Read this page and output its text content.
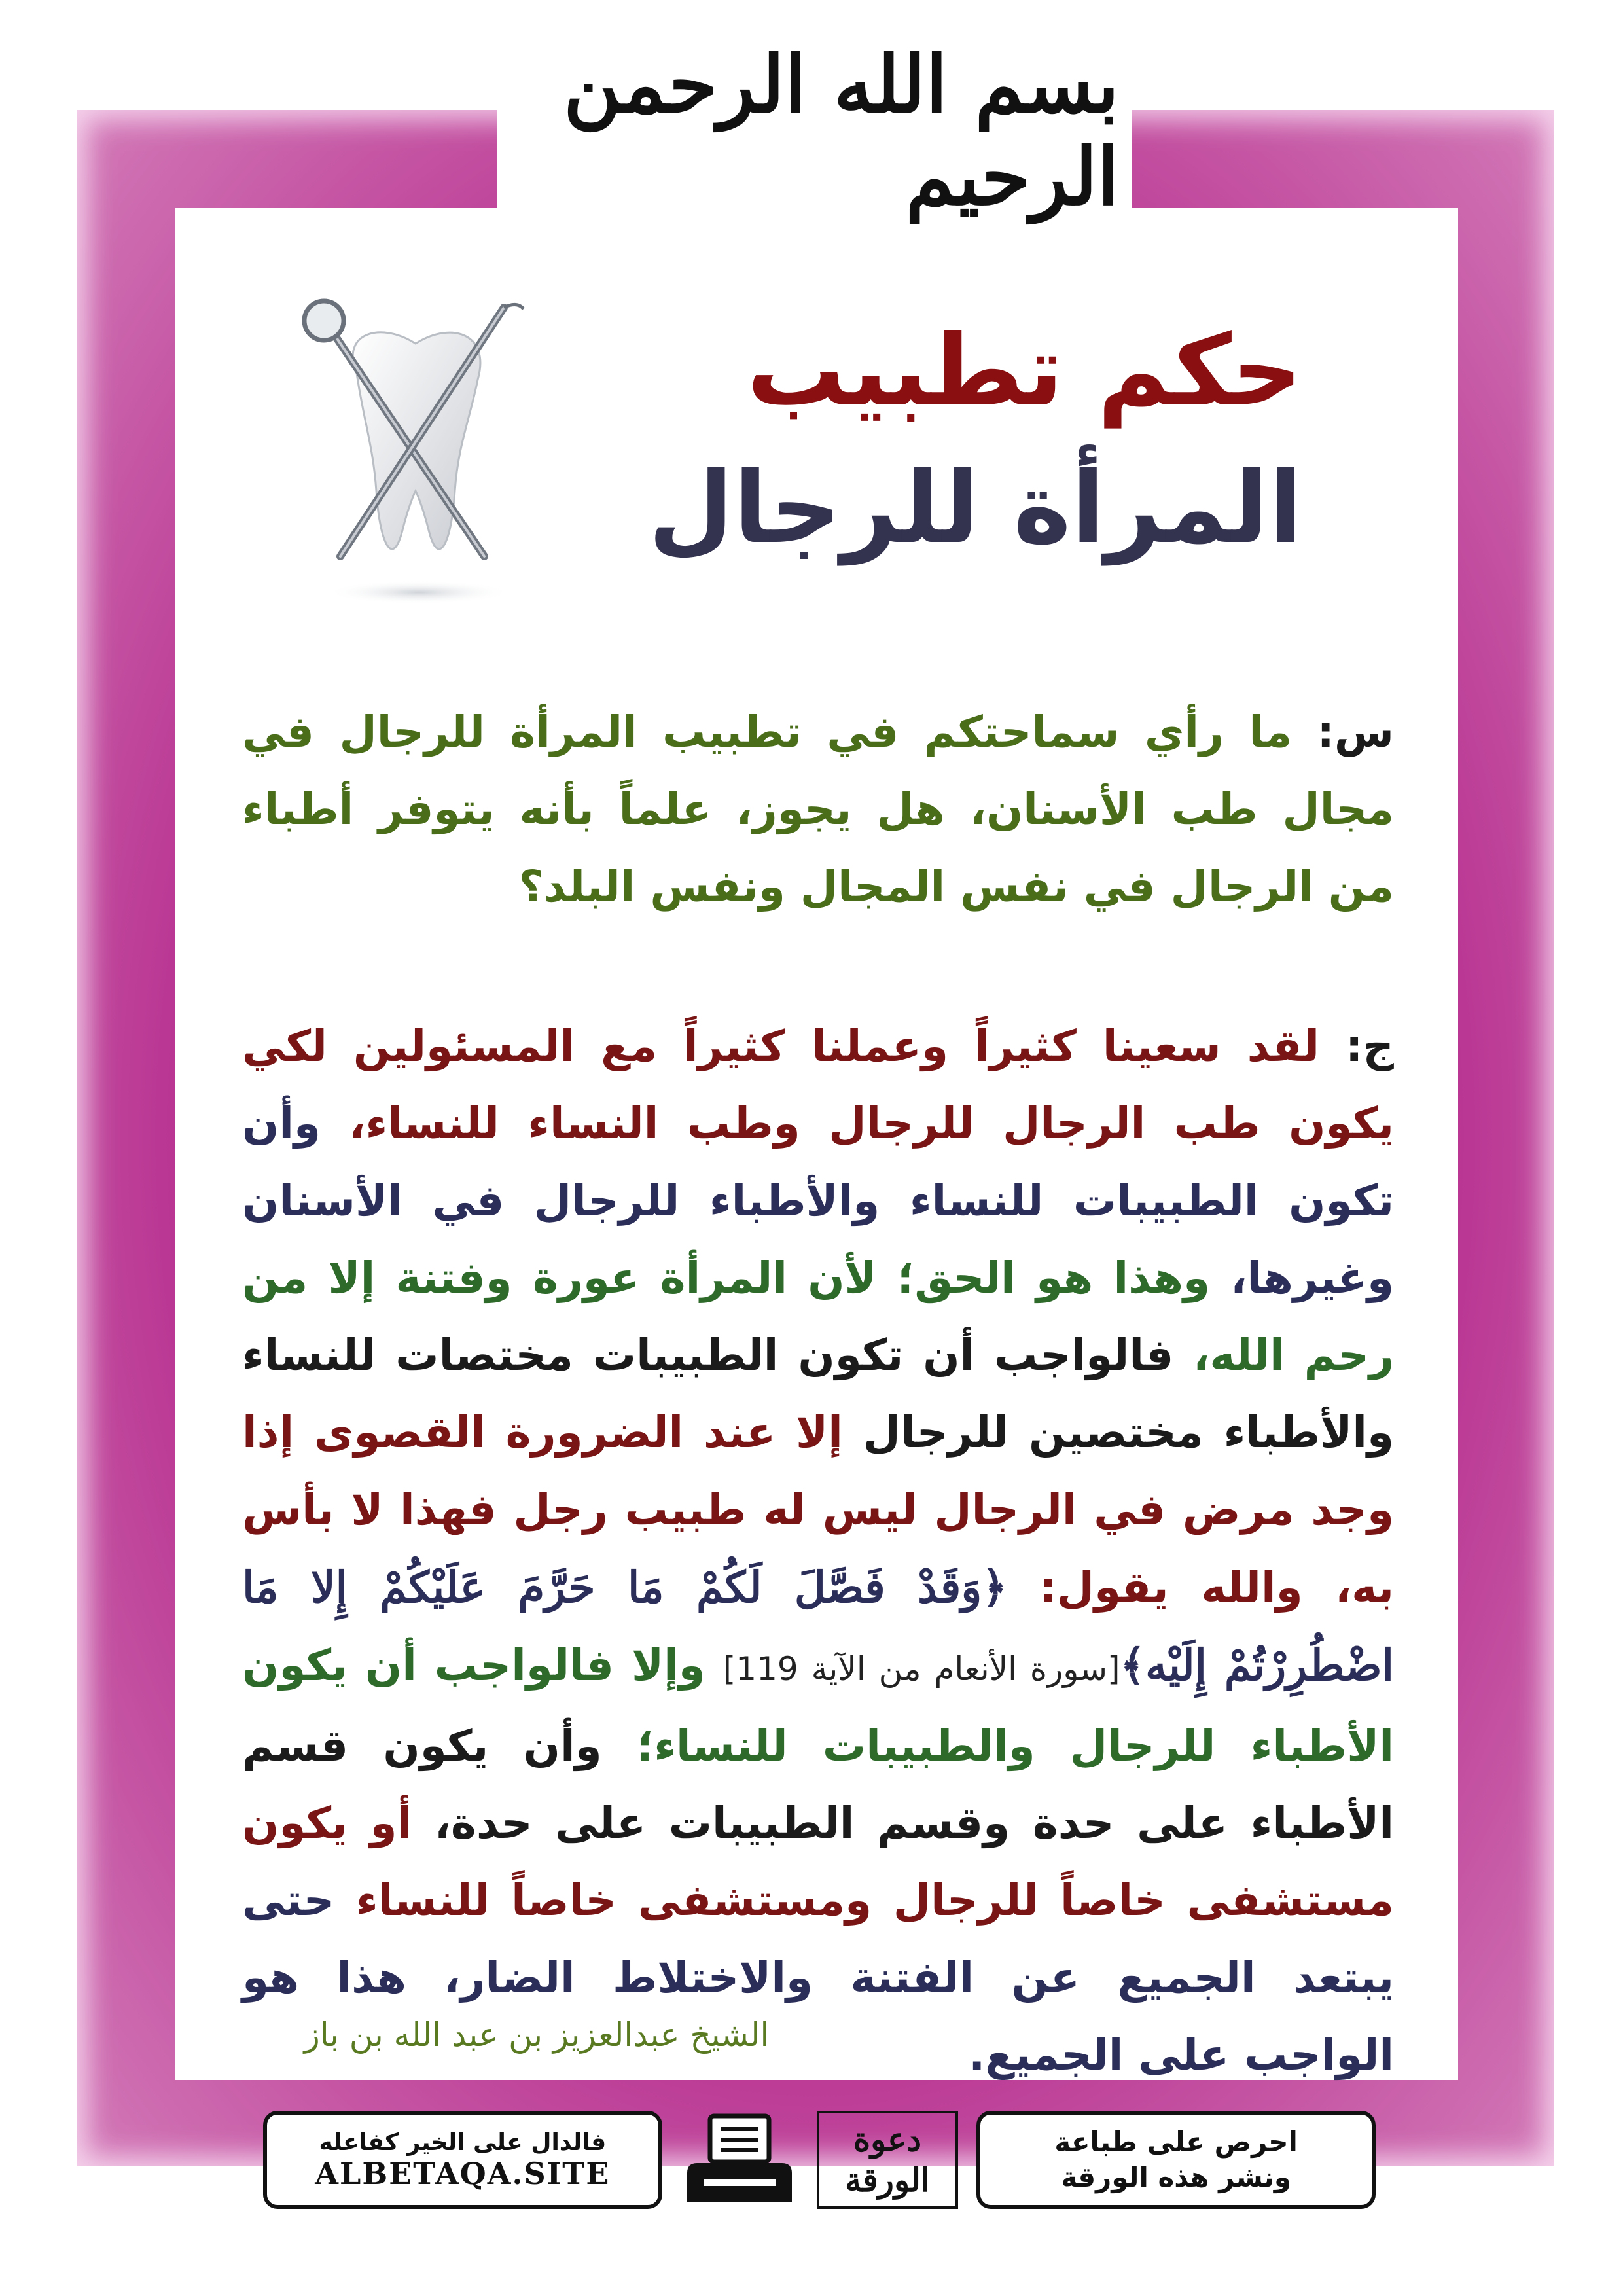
بسم الله الرحمن الرحيم
حكم تطبيب
المرأة للرجال
س: ما رأي سماحتكم في تطبيب المرأة للرجال في مجال طب الأسنان، هل يجوز، علماً بأنه يتوفر أطباء من الرجال في نفس المجال ونفس البلد؟
ج: لقد سعينا كثيراً وعملنا كثيراً مع المسئولين لكي يكون طب الرجال للرجال وطب النساء للنساء، وأن تكون الطبيبات للنساء والأطباء للرجال في الأسنان وغيرها، وهذا هو الحق؛ لأن المرأة عورة وفتنة إلا من رحم الله، فالواجب أن تكون الطبيبات مختصات للنساء والأطباء مختصين للرجال إلا عند الضرورة القصوى إذا وجد مرض في الرجال ليس له طبيب رجل فهذا لا بأس به، والله يقول: ﴿وَقَدْ فَصَّلَ لَكُمْ مَا حَرَّمَ عَلَيْكُمْ إِلا مَا اضْطُرِرْتُمْ إِلَيْه﴾[سورة الأنعام من الآية 119] وإلا فالواجب أن يكون الأطباء للرجال والطبيبات للنساء؛ وأن يكون قسم الأطباء على حدة وقسم الطبيبات على حدة، أو يكون مستشفى خاصاً للرجال ومستشفى خاصاً للنساء حتى يبتعد الجميع عن الفتنة والاختلاط الضار، هذا هو الواجب على الجميع.
الشيخ عبدالعزيز بن عبد الله بن باز
فالدال على الخير كفاعله
ALBETAQA.SITE
دعوة
الورقة
احرص على طباعة
ونشر هذه الورقة
